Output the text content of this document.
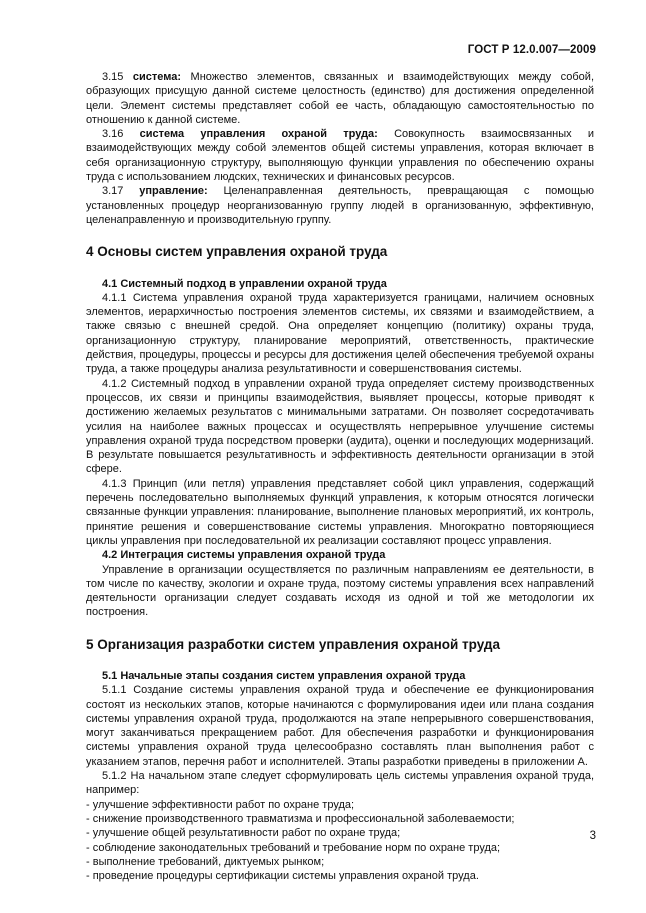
ГОСТ Р 12.0.007—2009

3.15 система: Множество элементов, связанных и взаимодействующих между собой, образующих присущую данной системе целостность (единство) для достижения определенной цели. Элемент системы представляет собой ее часть, обладающую самостоятельностью по отношению к данной системе.

3.16 система управления охраной труда: Совокупность взаимосвязанных и взаимодействующих между собой элементов общей системы управления, которая включает в себя организационную структуру, выполняющую функции управления по обеспечению охраны труда с использованием людских, технических и финансовых ресурсов.

3.17 управление: Целенаправленная деятельность, превращающая с помощью установленных процедур неорганизованную группу людей в организованную, эффективную, целенаправленную и производительную группу.

4 Основы систем управления охраной труда

4.1 Системный подход в управлении охраной труда

4.1.1 Система управления охраной труда характеризуется границами, наличием основных элементов, иерархичностью построения элементов системы, их связями и взаимодействием, а также связью с внешней средой. Она определяет концепцию (политику) охраны труда, организационную структуру, планирование мероприятий, ответственность, практические действия, процедуры, процессы и ресурсы для достижения целей обеспечения требуемой охраны труда, а также процедуры анализа результативности и совершенствования системы.

4.1.2 Системный подход в управлении охраной труда определяет систему производственных процессов, их связи и принципы взаимодействия, выявляет процессы, которые приводят к достижению желаемых результатов с минимальными затратами. Он позволяет сосредотачивать усилия на наиболее важных процессах и осуществлять непрерывное улучшение системы управления охраной труда посредством проверки (аудита), оценки и последующих модернизаций. В результате повышается результативность и эффективность деятельности организации в этой сфере.

4.1.3 Принцип (или петля) управления представляет собой цикл управления, содержащий перечень последовательно выполняемых функций управления, к которым относятся логически связанные функции управления: планирование, выполнение плановых мероприятий, их контроль, принятие решения и совершенствование системы управления. Многократно повторяющиеся циклы управления при последовательной их реализации составляют процесс управления.

4.2 Интеграция системы управления охраной труда

Управление в организации осуществляется по различным направлениям ее деятельности, в том числе по качеству, экологии и охране труда, поэтому системы управления всех направлений деятельности организации следует создавать исходя из одной и той же методологии их построения.

5 Организация разработки систем управления охраной труда

5.1 Начальные этапы создания систем управления охраной труда

5.1.1 Создание системы управления охраной труда и обеспечение ее функционирования состоят из нескольких этапов, которые начинаются с формулирования идеи или плана создания системы управления охраной труда, продолжаются на этапе непрерывного совершенствования, могут заканчиваться прекращением работ. Для обеспечения разработки и функционирования системы управления охраной труда целесообразно составлять план выполнения работ с указанием этапов, перечня работ и исполнителей. Этапы разработки приведены в приложении А.

5.1.2 На начальном этапе следует сформулировать цель системы управления охраной труда, например:

- улучшение эффективности работ по охране труда;

- снижение производственного травматизма и профессиональной заболеваемости;

- улучшение общей результативности работ по охране труда;

- соблюдение законодательных требований и требование норм по охране труда;

- выполнение требований, диктуемых рынком;

- проведение процедуры сертификации системы управления охраной труда.

3
